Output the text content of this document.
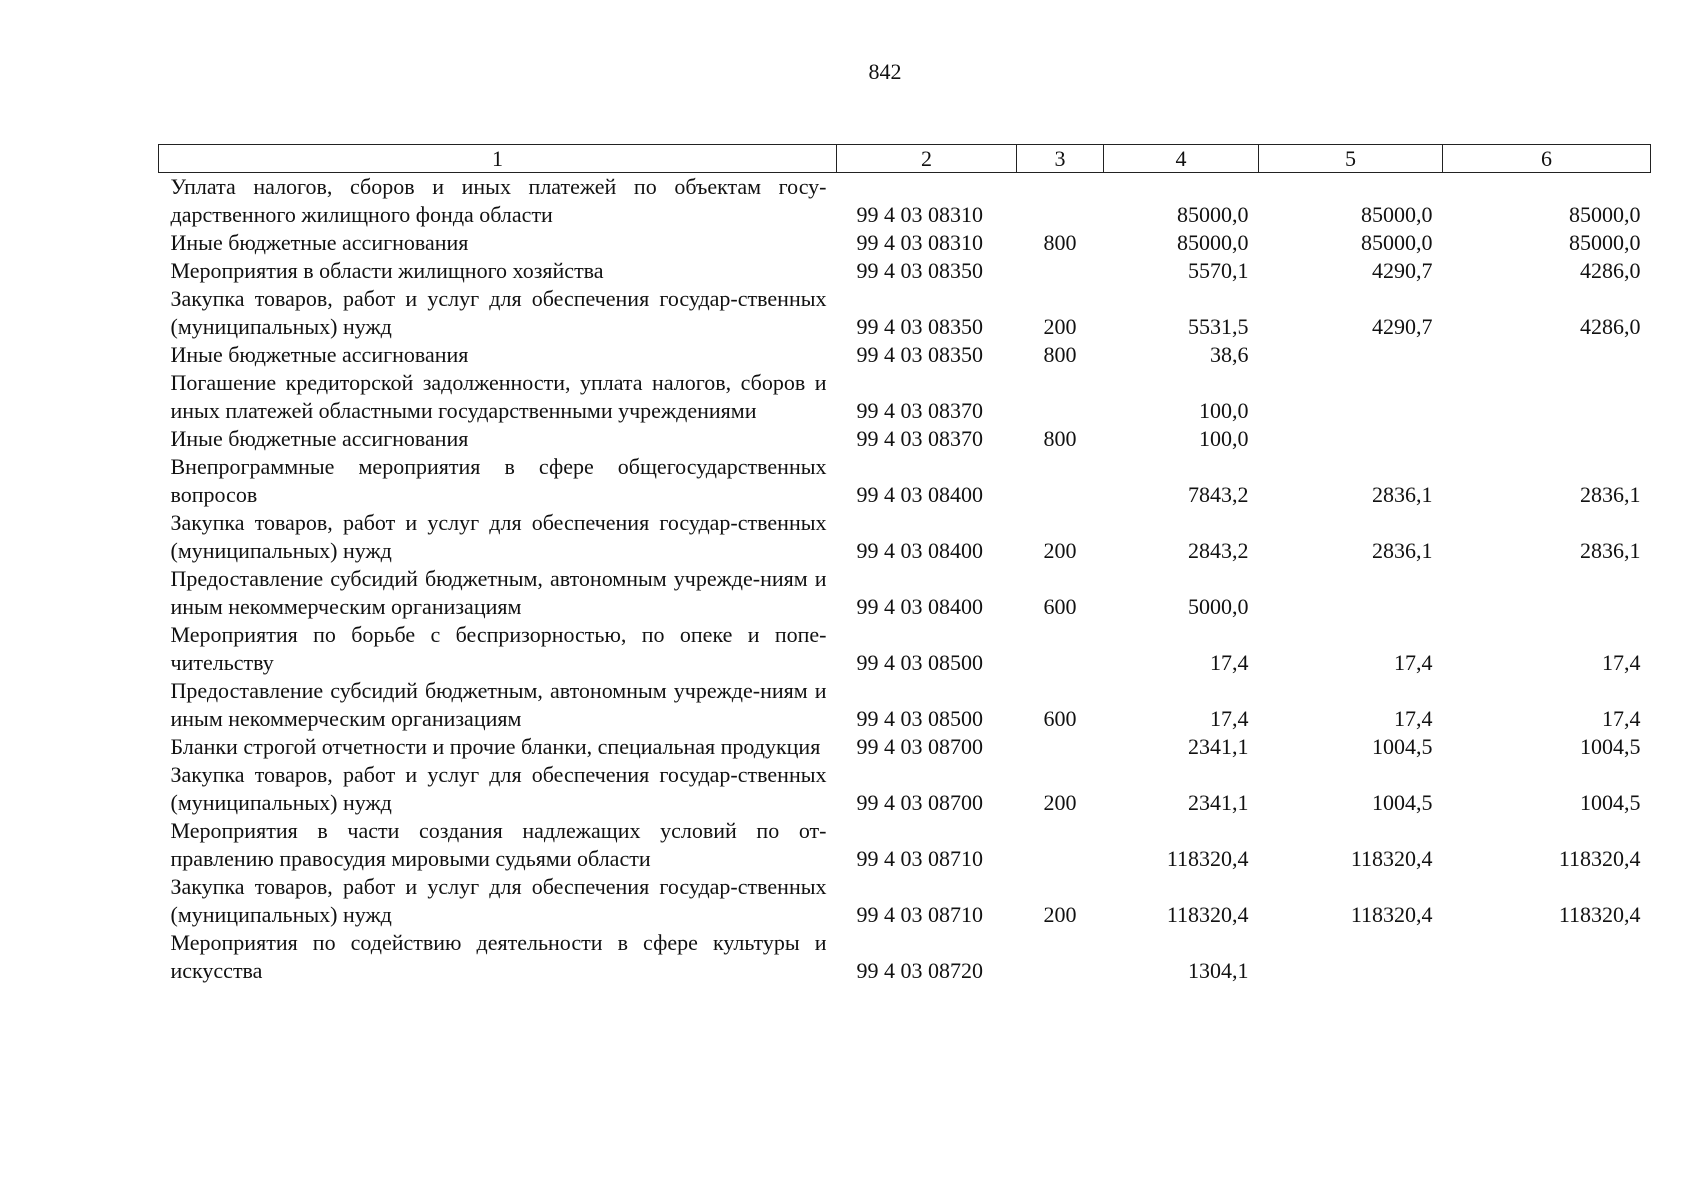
842
1	2	3	4	5	6
Уплата налогов, сборов и иных платежей по объектам госу-дарственного жилищного фонда области	99 4 03 08310		85000,0	85000,0	85000,0
Иные бюджетные ассигнования	99 4 03 08310	800	85000,0	85000,0	85000,0
Мероприятия в области жилищного хозяйства	99 4 03 08350		5570,1	4290,7	4286,0
Закупка товаров, работ и услуг для обеспечения государ-ственных (муниципальных) нужд	99 4 03 08350	200	5531,5	4290,7	4286,0
Иные бюджетные ассигнования	99 4 03 08350	800	38,6		
Погашение кредиторской задолженности, уплата налогов, сборов и иных платежей областными государственными учреждениями	99 4 03 08370		100,0		
Иные бюджетные ассигнования	99 4 03 08370	800	100,0		
Внепрограммные мероприятия в сфере общегосударственных вопросов	99 4 03 08400		7843,2	2836,1	2836,1
Закупка товаров, работ и услуг для обеспечения государ-ственных (муниципальных) нужд	99 4 03 08400	200	2843,2	2836,1	2836,1
Предоставление субсидий бюджетным, автономным учрежде-ниям и иным некоммерческим организациям	99 4 03 08400	600	5000,0		
Мероприятия по борьбе с беспризорностью, по опеке и попе-чительству	99 4 03 08500		17,4	17,4	17,4
Предоставление субсидий бюджетным, автономным учрежде-ниям и иным некоммерческим организациям	99 4 03 08500	600	17,4	17,4	17,4
Бланки строгой отчетности и прочие бланки, специальная продукция	99 4 03 08700		2341,1	1004,5	1004,5
Закупка товаров, работ и услуг для обеспечения государ-ственных (муниципальных) нужд	99 4 03 08700	200	2341,1	1004,5	1004,5
Мероприятия в части создания надлежащих условий по от-правлению правосудия мировыми судьями области	99 4 03 08710		118320,4	118320,4	118320,4
Закупка товаров, работ и услуг для обеспечения государ-ственных (муниципальных) нужд	99 4 03 08710	200	118320,4	118320,4	118320,4
Мероприятия по содействию деятельности в сфере культуры и искусства	99 4 03 08720		1304,1		
